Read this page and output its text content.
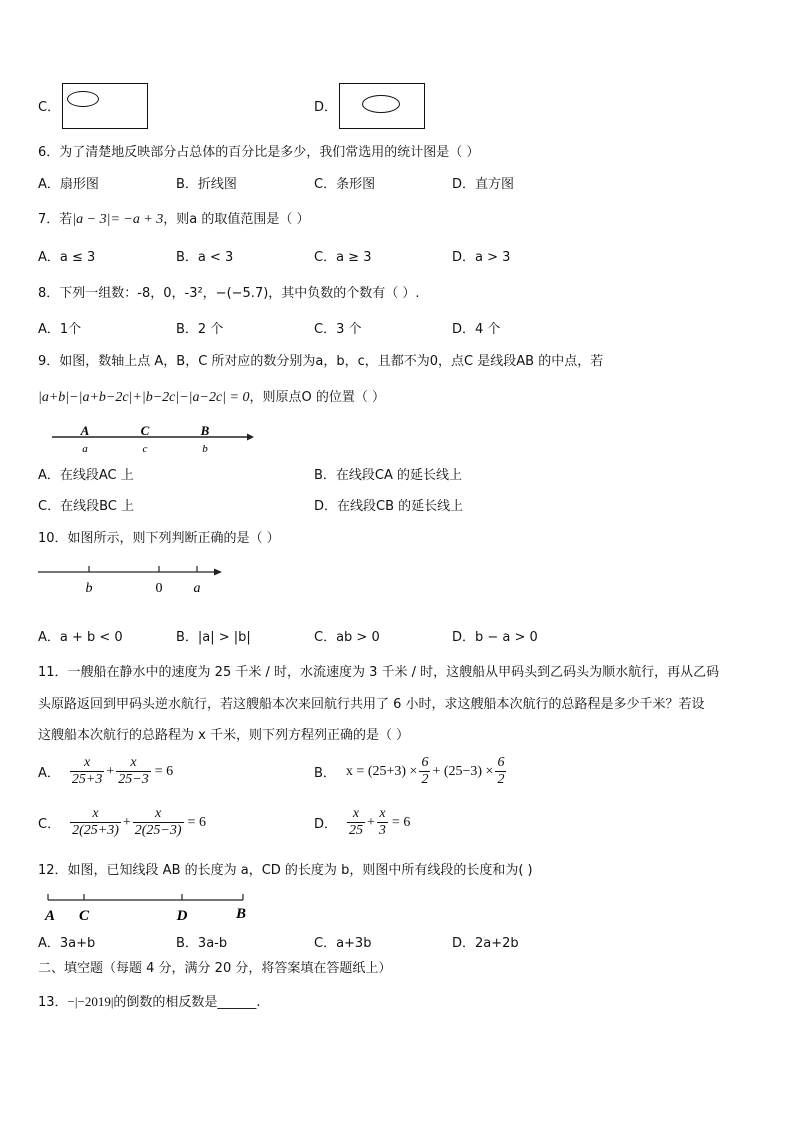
C．	D．
6．为了清楚地反映部分占总体的百分比是多少，我们常选用的统计图是（ ）
A．扇形图	B．折线图	C．条形图	D．直方图
7．若|a − 3|= −a + 3，则a 的取值范围是（ ）
A．a ≤ 3	B．a < 3	C．a ≥ 3	D．a > 3
8．下列一组数：-8，0，-3²，−(−5.7)，其中负数的个数有（ ）.
A．1个	B．2 个	C．3 个	D．4 个
9．如图，数轴上点 A，B，C 所对应的数分别为a，b，c，且都不为0，点C 是线段AB 的中点，若
|a+b|−|a+b−2c|+|b−2c|−|a−2c| = 0，则原点O 的位置（ ）
A	C	B
a	c	b
A．在线段AC 上	B．在线段CA 的延长线上
C．在线段BC 上	D．在线段CB 的延长线上
10．如图所示，则下列判断正确的是（ ）
b	0 a
A．a + b < 0	B．|a| > |b|	C．ab > 0	D．b − a > 0
11．一艘船在静水中的速度为 25 千米 / 时，水流速度为 3 千米 / 时，这艘船从甲码头到乙码头为顺水航行，再从乙码
头原路返回到甲码头逆水航行，若这艘船本次来回航行共用了 6 小时，求这艘船本次航行的总路程是多少千米？若设
这艘船本次航行的总路程为 x 千米，则下列方程列正确的是（ ）
A． $\frac{x}{25+3} + \frac{x}{25-3} = 6$	B． $x = (25+3) \times \frac{6}{2} + (25-3) \times \frac{6}{2}$
C． $\frac{x}{2(25+3)} + \frac{x}{2(25-3)} = 6$	D． $\frac{x}{25} + \frac{x}{3} = 6$
12．如图，已知线段 AB 的长度为 a，CD 的长度为 b，则图中所有线段的长度和为( )
A C	D	B
A．3a+b	B．3a-b	C．a+3b	D．2a+2b
二、填空题（每题 4 分，满分 20 分，将答案填在答题纸上）
13．−|−2019|的倒数的相反数是______.
